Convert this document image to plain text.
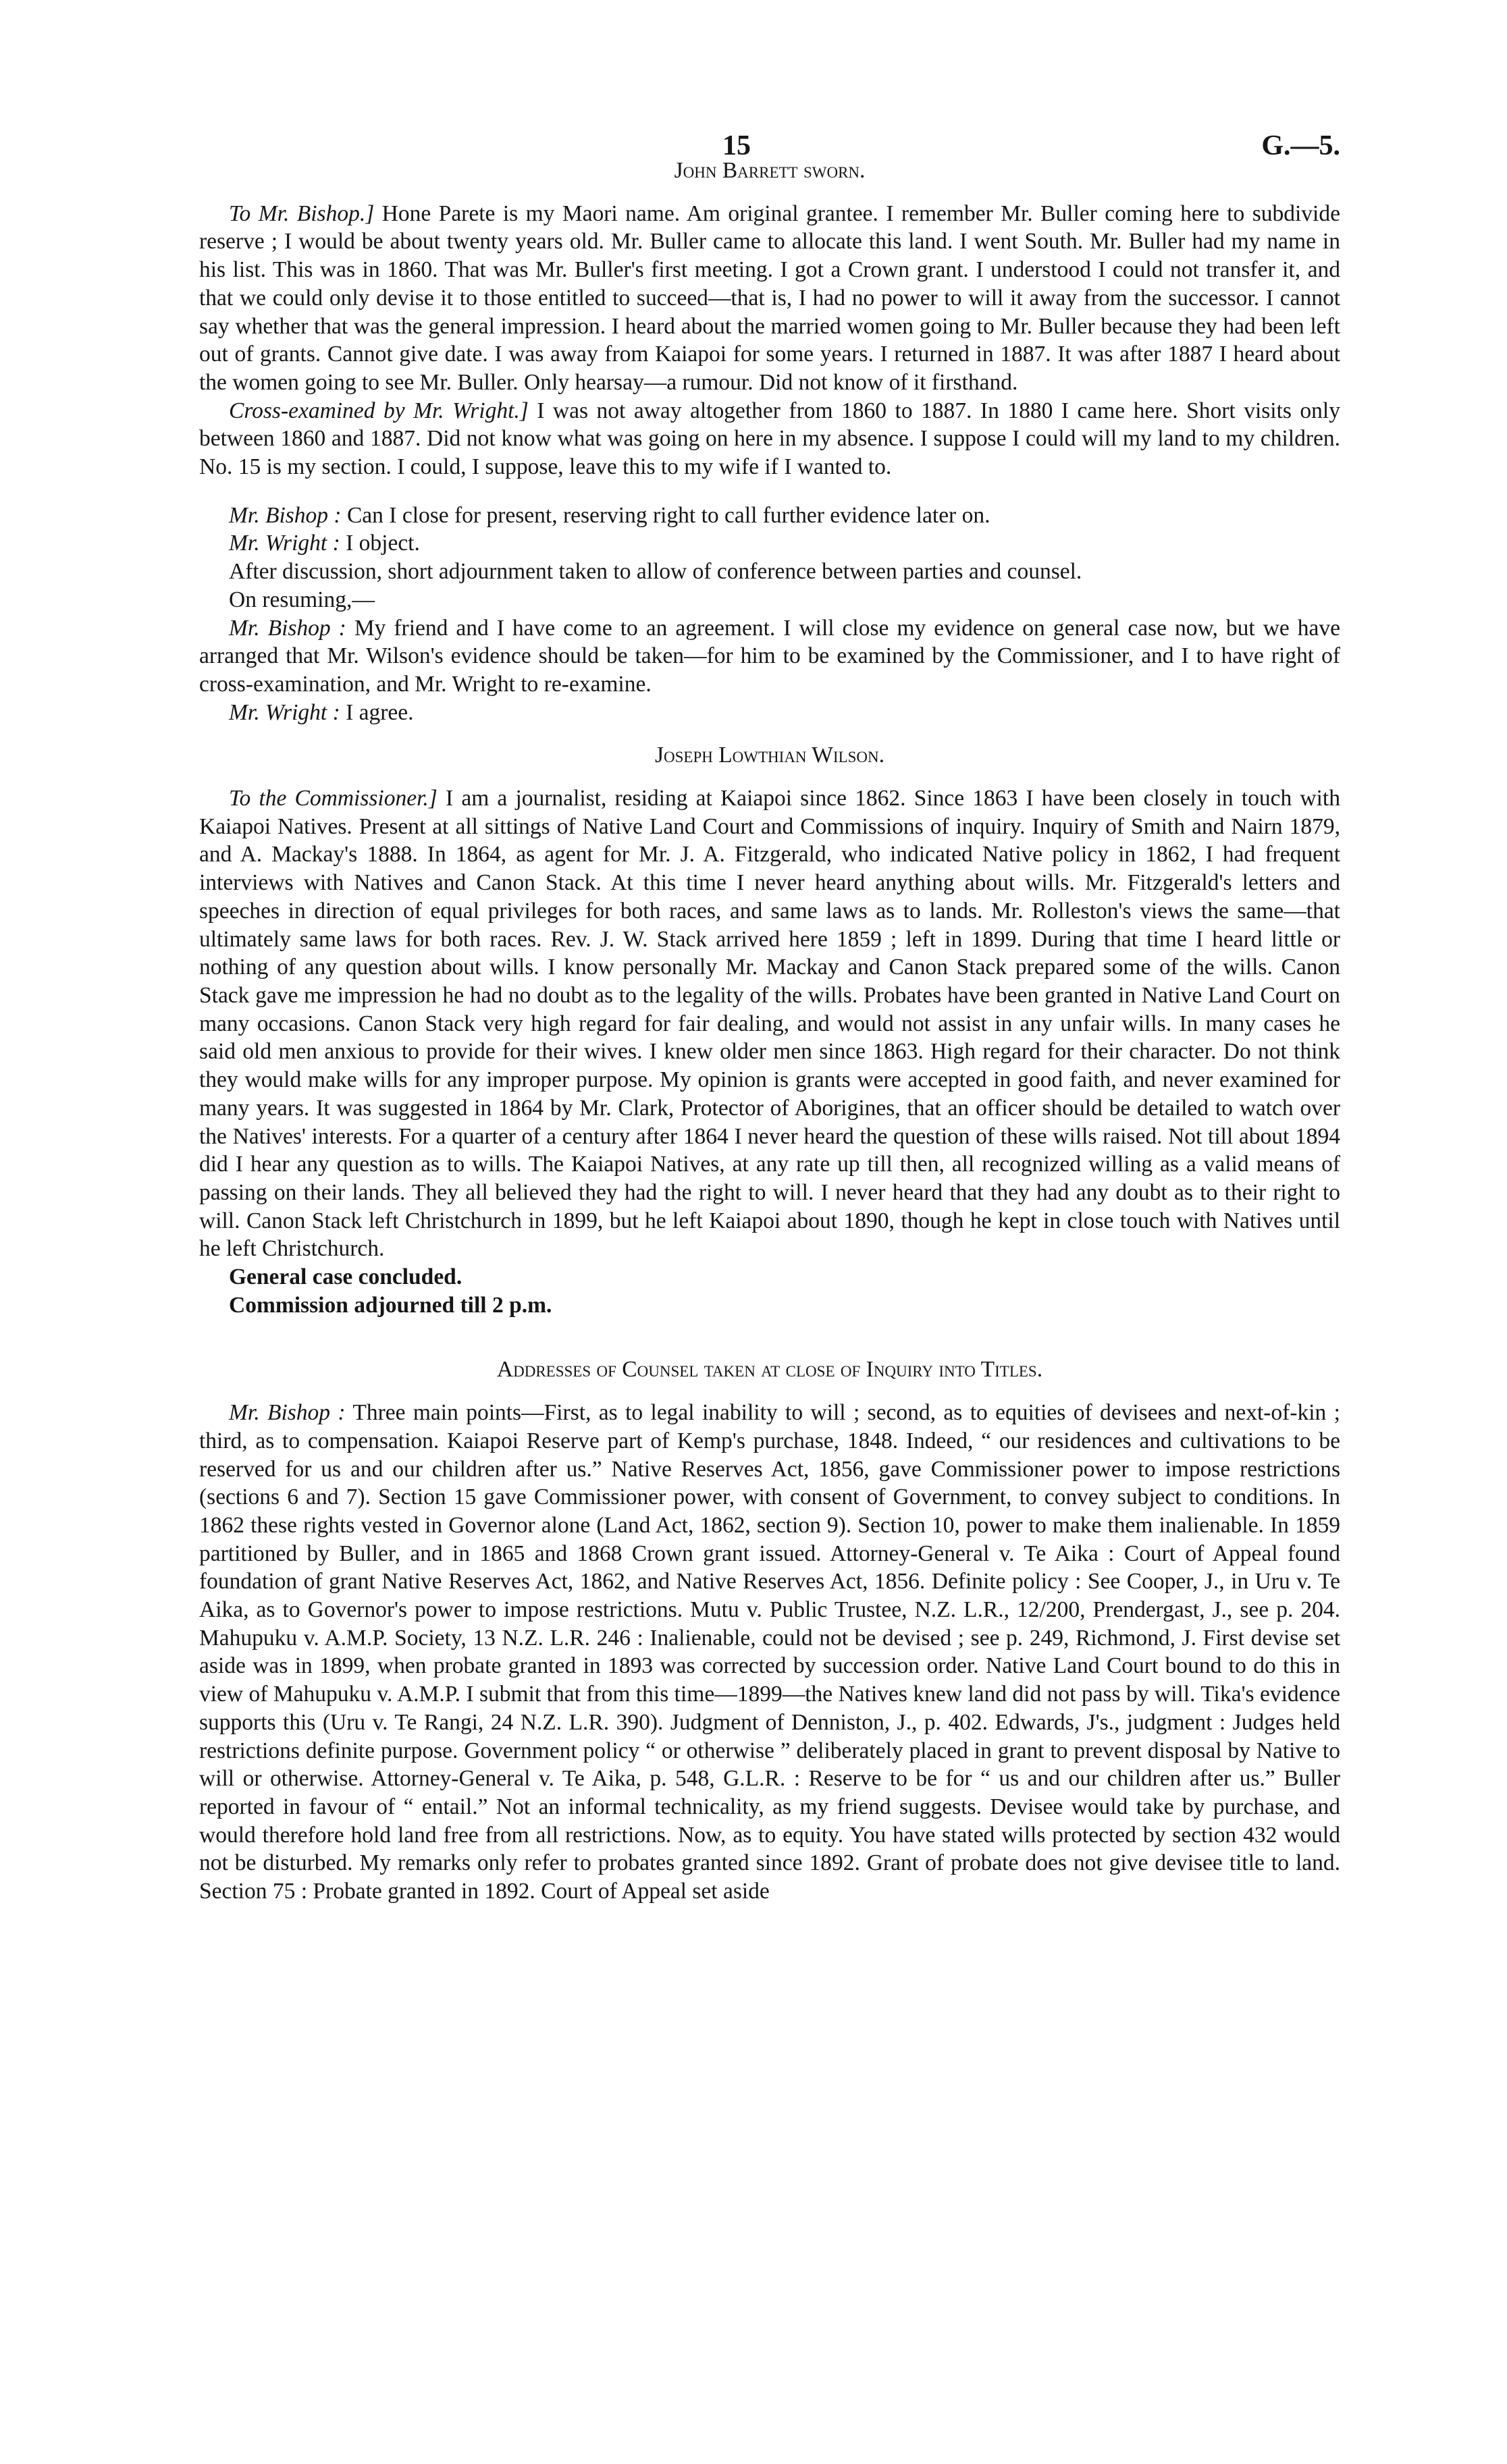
15	G.—5.

John Barrett sworn.

To Mr. Bishop.] Hone Parete is my Maori name. Am original grantee. I remember Mr. Buller coming here to subdivide reserve ; I would be about twenty years old. Mr. Buller came to allocate this land. I went South. Mr. Buller had my name in his list. This was in 1860. That was Mr. Buller's first meeting. I got a Crown grant. I understood I could not transfer it, and that we could only devise it to those entitled to succeed—that is, I had no power to will it away from the successor. I cannot say whether that was the general impression. I heard about the married women going to Mr. Buller because they had been left out of grants. Cannot give date. I was away from Kaiapoi for some years. I returned in 1887. It was after 1887 I heard about the women going to see Mr. Buller. Only hearsay—a rumour. Did not know of it firsthand.

Cross-examined by Mr. Wright.] I was not away altogether from 1860 to 1887. In 1880 I came here. Short visits only between 1860 and 1887. Did not know what was going on here in my absence. I suppose I could will my land to my children. No. 15 is my section. I could, I suppose, leave this to my wife if I wanted to.

Mr. Bishop : Can I close for present, reserving right to call further evidence later on.

Mr. Wright : I object.

After discussion, short adjournment taken to allow of conference between parties and counsel.

On resuming,—

Mr. Bishop : My friend and I have come to an agreement. I will close my evidence on general case now, but we have arranged that Mr. Wilson's evidence should be taken—for him to be examined by the Commissioner, and I to have right of cross-examination, and Mr. Wright to re-examine.

Mr. Wright : I agree.

Joseph Lowthian Wilson.

To the Commissioner.] I am a journalist, residing at Kaiapoi since 1862. Since 1863 I have been closely in touch with Kaiapoi Natives. Present at all sittings of Native Land Court and Commissions of inquiry. Inquiry of Smith and Nairn 1879, and A. Mackay's 1888. In 1864, as agent for Mr. J. A. Fitzgerald, who indicated Native policy in 1862, I had frequent interviews with Natives and Canon Stack. At this time I never heard anything about wills. Mr. Fitzgerald's letters and speeches in direction of equal privileges for both races, and same laws as to lands. Mr. Rolleston's views the same—that ultimately same laws for both races. Rev. J. W. Stack arrived here 1859 ; left in 1899. During that time I heard little or nothing of any question about wills. I know personally Mr. Mackay and Canon Stack prepared some of the wills. Canon Stack gave me impression he had no doubt as to the legality of the wills. Probates have been granted in Native Land Court on many occasions. Canon Stack very high regard for fair dealing, and would not assist in any unfair wills. In many cases he said old men anxious to provide for their wives. I knew older men since 1863. High regard for their character. Do not think they would make wills for any improper purpose. My opinion is grants were accepted in good faith, and never examined for many years. It was suggested in 1864 by Mr. Clark, Protector of Aborigines, that an officer should be detailed to watch over the Natives' interests. For a quarter of a century after 1864 I never heard the question of these wills raised. Not till about 1894 did I hear any question as to wills. The Kaiapoi Natives, at any rate up till then, all recognized willing as a valid means of passing on their lands. They all believed they had the right to will. I never heard that they had any doubt as to their right to will. Canon Stack left Christchurch in 1899, but he left Kaiapoi about 1890, though he kept in close touch with Natives until he left Christchurch.

General case concluded.

Commission adjourned till 2 p.m.

Addresses of Counsel taken at close of Inquiry into Titles.

Mr. Bishop : Three main points—First, as to legal inability to will ; second, as to equities of devisees and next-of-kin ; third, as to compensation. Kaiapoi Reserve part of Kemp's purchase, 1848. Indeed, “ our residences and cultivations to be reserved for us and our children after us.” Native Reserves Act, 1856, gave Commissioner power to impose restrictions (sections 6 and 7). Section 15 gave Commissioner power, with consent of Government, to convey subject to conditions. In 1862 these rights vested in Governor alone (Land Act, 1862, section 9). Section 10, power to make them inalienable. In 1859 partitioned by Buller, and in 1865 and 1868 Crown grant issued. Attorney-General v. Te Aika : Court of Appeal found foundation of grant Native Reserves Act, 1862, and Native Reserves Act, 1856. Definite policy : See Cooper, J., in Uru v. Te Aika, as to Governor's power to impose restrictions. Mutu v. Public Trustee, N.Z. L.R., 12/200, Prendergast, J., see p. 204. Mahupuku v. A.M.P. Society, 13 N.Z. L.R. 246 : Inalienable, could not be devised ; see p. 249, Richmond, J. First devise set aside was in 1899, when probate granted in 1893 was corrected by succession order. Native Land Court bound to do this in view of Mahupuku v. A.M.P. I submit that from this time—1899—the Natives knew land did not pass by will. Tika's evidence supports this (Uru v. Te Rangi, 24 N.Z. L.R. 390). Judgment of Denniston, J., p. 402. Edwards, J's., judgment : Judges held restrictions definite purpose. Government policy “ or otherwise ” deliberately placed in grant to prevent disposal by Native to will or otherwise. Attorney-General v. Te Aika, p. 548, G.L.R. : Reserve to be for “ us and our children after us.” Buller reported in favour of “ entail.” Not an informal technicality, as my friend suggests. Devisee would take by purchase, and would therefore hold land free from all restrictions. Now, as to equity. You have stated wills protected by section 432 would not be disturbed. My remarks only refer to probates granted since 1892. Grant of probate does not give devisee title to land. Section 75 : Probate granted in 1892. Court of Appeal set aside
